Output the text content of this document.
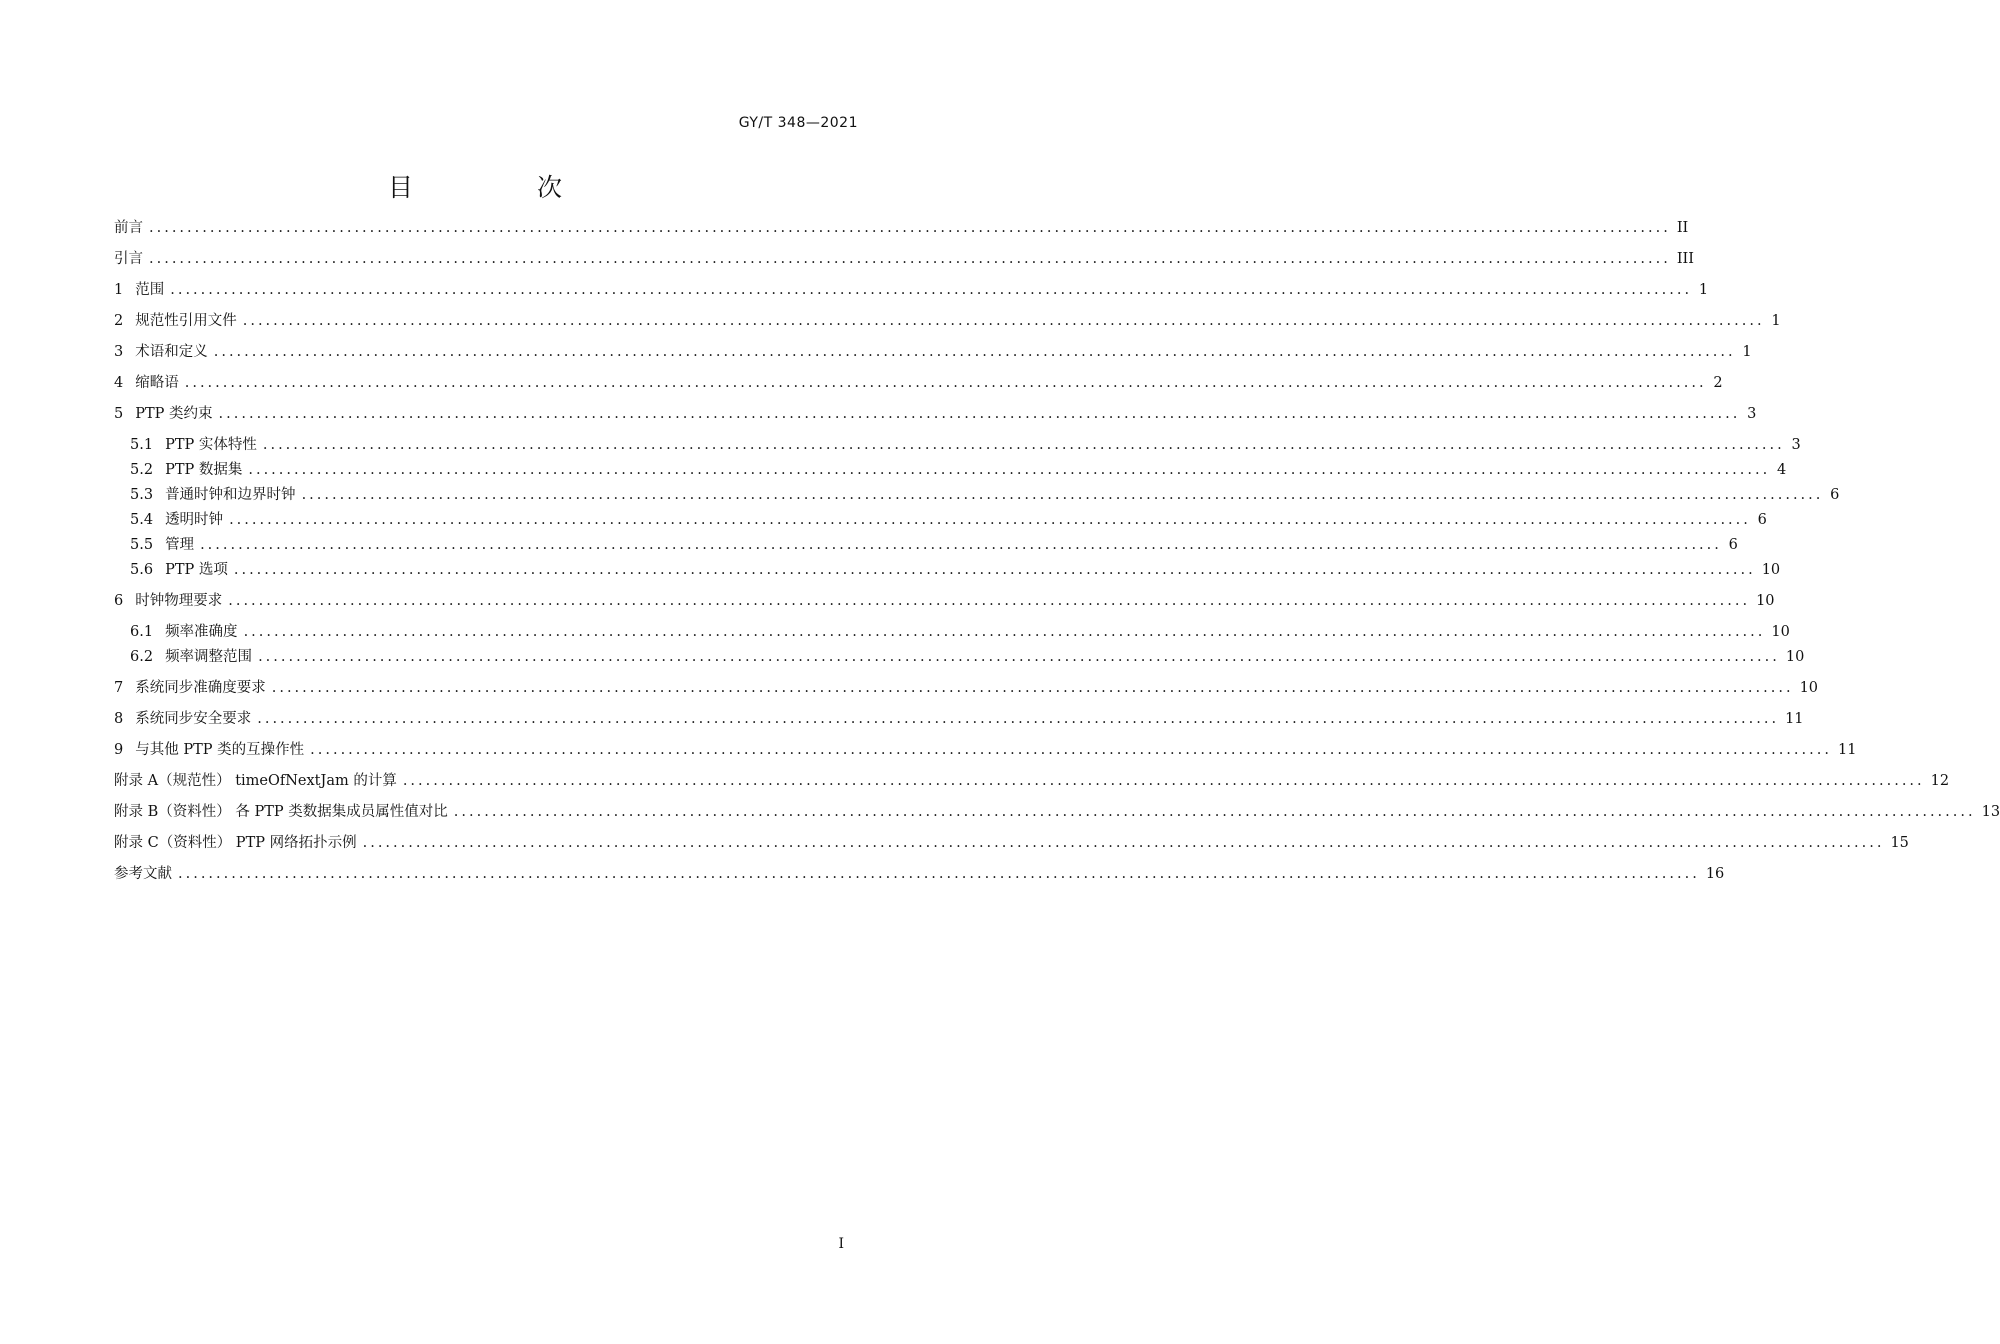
GY/T 348—2021
目 次
前言 ........................................................................................................................................................................................................ II
引言 ........................................................................................................................................................................................................ III
1 范围 ........................................................................................................................................................................................................ 1
2 规范性引用文件 ........................................................................................................................................................................................................ 1
3 术语和定义 ........................................................................................................................................................................................................ 1
4 缩略语 ........................................................................................................................................................................................................ 2
5 PTP 类约束 ........................................................................................................................................................................................................ 3
5.1 PTP 实体特性 ........................................................................................................................................................................................................ 3
5.2 PTP 数据集 ........................................................................................................................................................................................................ 4
5.3 普通时钟和边界时钟 ........................................................................................................................................................................................................ 6
5.4 透明时钟 ........................................................................................................................................................................................................ 6
5.5 管理 ........................................................................................................................................................................................................ 6
5.6 PTP 选项 ........................................................................................................................................................................................................ 10
6 时钟物理要求 ........................................................................................................................................................................................................ 10
6.1 频率准确度 ........................................................................................................................................................................................................ 10
6.2 频率调整范围 ........................................................................................................................................................................................................ 10
7 系统同步准确度要求 ........................................................................................................................................................................................................ 10
8 系统同步安全要求 ........................................................................................................................................................................................................ 11
9 与其他 PTP 类的互操作性 ........................................................................................................................................................................................................ 11
附录 A（规范性） timeOfNextJam 的计算 ........................................................................................................................................................................................................ 12
附录 B（资料性） 各 PTP 类数据集成员属性值对比 ........................................................................................................................................................................................................ 13
附录 C（资料性） PTP 网络拓扑示例 ........................................................................................................................................................................................................ 15
参考文献 ........................................................................................................................................................................................................ 16
I
